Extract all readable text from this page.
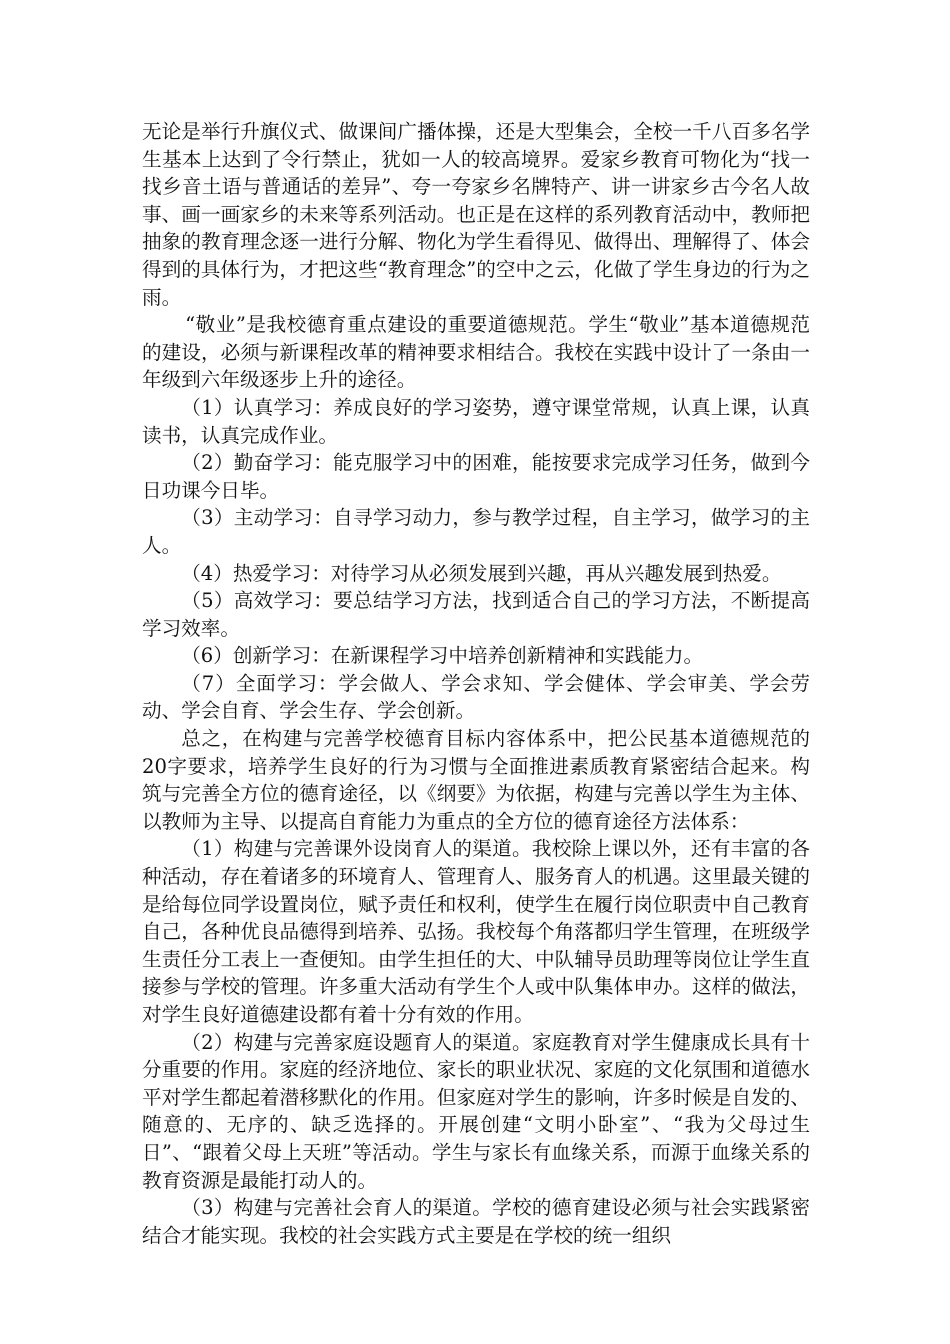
无论是举行升旗仪式、做课间广播体操，还是大型集会，全校一千八百多名学生基本上达到了令行禁止，犹如一人的较高境界。爱家乡教育可物化为“找一找乡音土语与普通话的差异”、夸一夸家乡名牌特产、讲一讲家乡古今名人故事、画一画家乡的未来等系列活动。也正是在这样的系列教育活动中，教师把抽象的教育理念逐一进行分解、物化为学生看得见、做得出、理解得了、体会得到的具体行为，才把这些“教育理念”的空中之云，化做了学生身边的行为之雨。

“敬业”是我校德育重点建设的重要道德规范。学生“敬业”基本道德规范的建设，必须与新课程改革的精神要求相结合。我校在实践中设计了一条由一年级到六年级逐步上升的途径。

（1）认真学习：养成良好的学习姿势，遵守课堂常规，认真上课，认真读书，认真完成作业。

（2）勤奋学习：能克服学习中的困难，能按要求完成学习任务，做到今日功课今日毕。

（3）主动学习：自寻学习动力，参与教学过程，自主学习，做学习的主人。

（4）热爱学习：对待学习从必须发展到兴趣，再从兴趣发展到热爱。

（5）高效学习：要总结学习方法，找到适合自己的学习方法，不断提高学习效率。

（6）创新学习：在新课程学习中培养创新精神和实践能力。

（7）全面学习：学会做人、学会求知、学会健体、学会审美、学会劳动、学会自育、学会生存、学会创新。

总之，在构建与完善学校德育目标内容体系中，把公民基本道德规范的20字要求，培养学生良好的行为习惯与全面推进素质教育紧密结合起来。构筑与完善全方位的德育途径，以《纲要》为依据，构建与完善以学生为主体、以教师为主导、以提高自育能力为重点的全方位的德育途径方法体系：

（1）构建与完善课外设岗育人的渠道。我校除上课以外，还有丰富的各种活动，存在着诸多的环境育人、管理育人、服务育人的机遇。这里最关键的是给每位同学设置岗位，赋予责任和权利，使学生在履行岗位职责中自己教育自己，各种优良品德得到培养、弘扬。我校每个角落都归学生管理，在班级学生责任分工表上一查便知。由学生担任的大、中队辅导员助理等岗位让学生直接参与学校的管理。许多重大活动有学生个人或中队集体申办。这样的做法，对学生良好道德建设都有着十分有效的作用。

（2）构建与完善家庭设题育人的渠道。家庭教育对学生健康成长具有十分重要的作用。家庭的经济地位、家长的职业状况、家庭的文化氛围和道德水平对学生都起着潜移默化的作用。但家庭对学生的影响，许多时候是自发的、随意的、无序的、缺乏选择的。开展创建“文明小卧室”、“我为父母过生日”、“跟着父母上天班”等活动。学生与家长有血缘关系，而源于血缘关系的教育资源是最能打动人的。

（3）构建与完善社会育人的渠道。学校的德育建设必须与社会实践紧密结合才能实现。我校的社会实践方式主要是在学校的统一组织
